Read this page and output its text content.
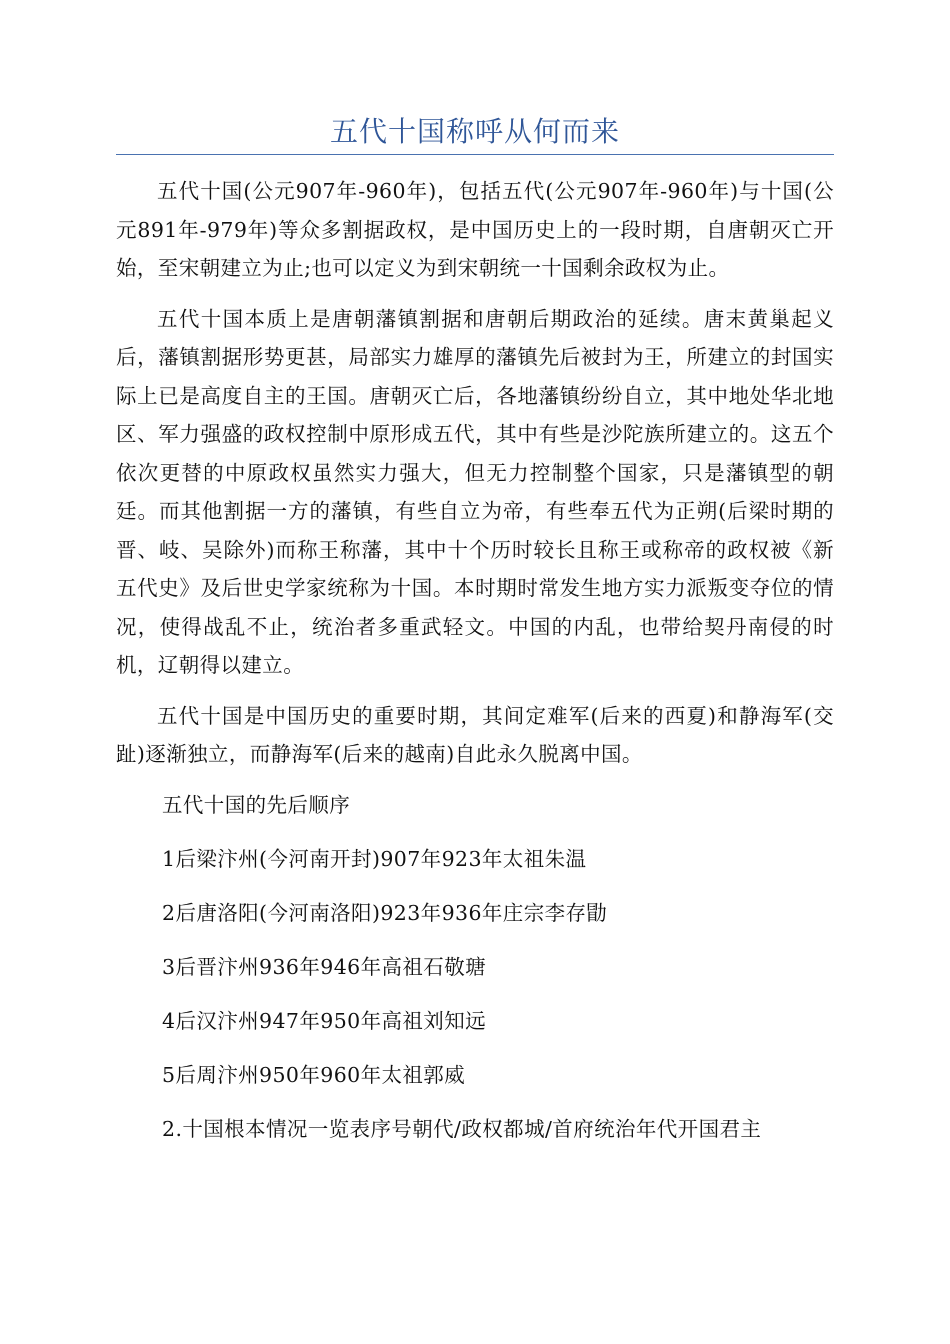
五代十国称呼从何而来

五代十国(公元907年-960年)，包括五代(公元907年-960年)与十国(公元891年-979年)等众多割据政权，是中国历史上的一段时期，自唐朝灭亡开始，至宋朝建立为止;也可以定义为到宋朝统一十国剩余政权为止。

五代十国本质上是唐朝藩镇割据和唐朝后期政治的延续。唐末黄巢起义后，藩镇割据形势更甚，局部实力雄厚的藩镇先后被封为王，所建立的封国实际上已是高度自主的王国。唐朝灭亡后，各地藩镇纷纷自立，其中地处华北地区、军力强盛的政权控制中原形成五代，其中有些是沙陀族所建立的。这五个依次更替的中原政权虽然实力强大，但无力控制整个国家，只是藩镇型的朝廷。而其他割据一方的藩镇，有些自立为帝，有些奉五代为正朔(后梁时期的晋、岐、吴除外)而称王称藩，其中十个历时较长且称王或称帝的政权被《新五代史》及后世史学家统称为十国。本时期时常发生地方实力派叛变夺位的情况，使得战乱不止，统治者多重武轻文。中国的内乱，也带给契丹南侵的时机，辽朝得以建立。

五代十国是中国历史的重要时期，其间定难军(后来的西夏)和静海军(交趾)逐渐独立，而静海军(后来的越南)自此永久脱离中国。

五代十国的先后顺序

1后梁汴州(今河南开封)907年923年太祖朱温

2后唐洛阳(今河南洛阳)923年936年庄宗李存勖

3后晋汴州936年946年高祖石敬瑭

4后汉汴州947年950年高祖刘知远

5后周汴州950年960年太祖郭威

2.十国根本情况一览表序号朝代/政权都城/首府统治年代开国君主
